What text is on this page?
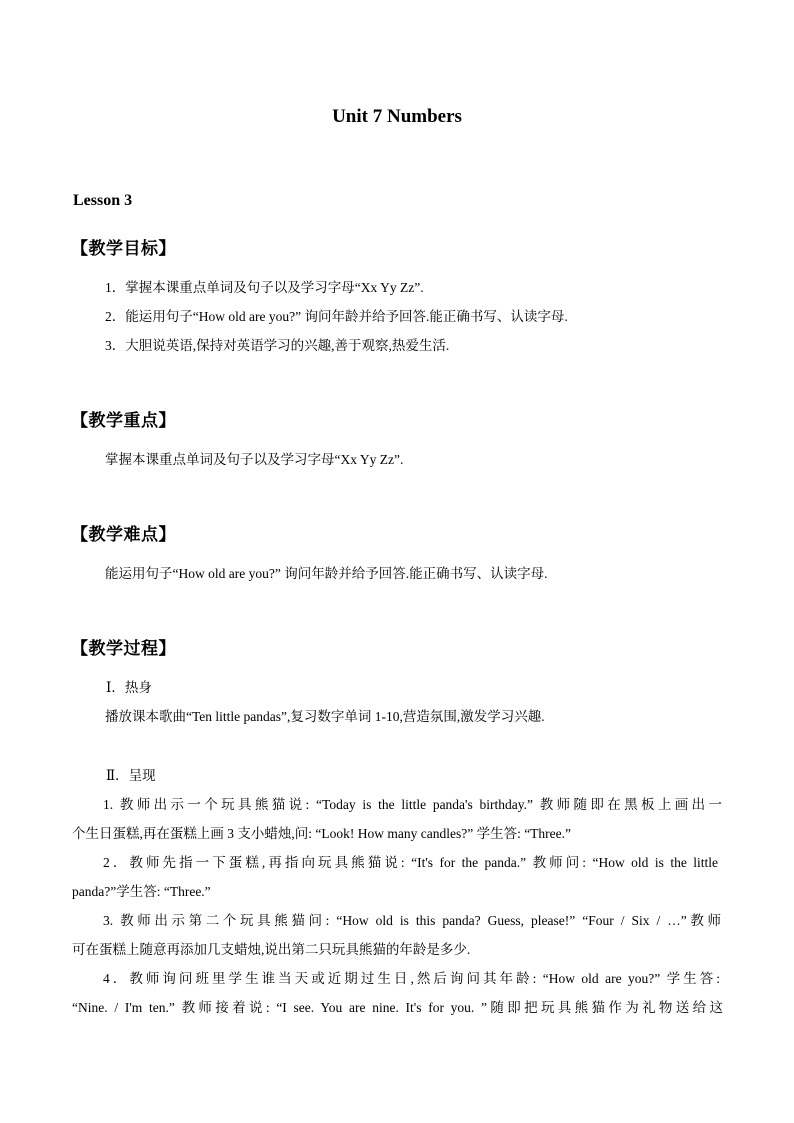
Unit 7 Numbers
Lesson 3
【教学目标】
1．掌握本课重点单词及句子以及学习字母“Xx Yy Zz”.
2．能运用句子“How old are you?” 询问年龄并给予回答.能正确书写、认读字母.
3．大胆说英语,保持对英语学习的兴趣,善于观察,热爱生活.
【教学重点】
掌握本课重点单词及句子以及学习字母“Xx Yy Zz”.
【教学难点】
能运用句子“How old are you?” 询问年龄并给予回答.能正确书写、认读字母.
【教学过程】
Ⅰ．热身
播放课本歌曲“Ten little pandas”,复习数字单词 1-10,营造氛围,激发学习兴趣.
Ⅱ．呈现
1. 教师出示一个玩具熊猫说: “Today is the little panda's birthday.” 教师随即在黑板上画出一
个生日蛋糕,再在蛋糕上画 3 支小蜡烛,问: “Look! How many candles?” 学生答: “Three.”
2．教师先指一下蛋糕,再指向玩具熊猫说: “It's for the panda.” 教师问: “How old is the little
panda?”学生答: “Three.”
3. 教师出示第二个玩具熊猫问: “How old is this panda? Guess, please!” “Four / Six / …”教师
可在蛋糕上随意再添加几支蜡烛,说出第二只玩具熊猫的年龄是多少.
4．教师询问班里学生谁当天或近期过生日,然后询问其年龄: “How old are you?” 学生答:
“Nine. / I'm ten.” 教师接着说: “I see. You are nine. It's for you. ”随即把玩具熊猫作为礼物送给这
